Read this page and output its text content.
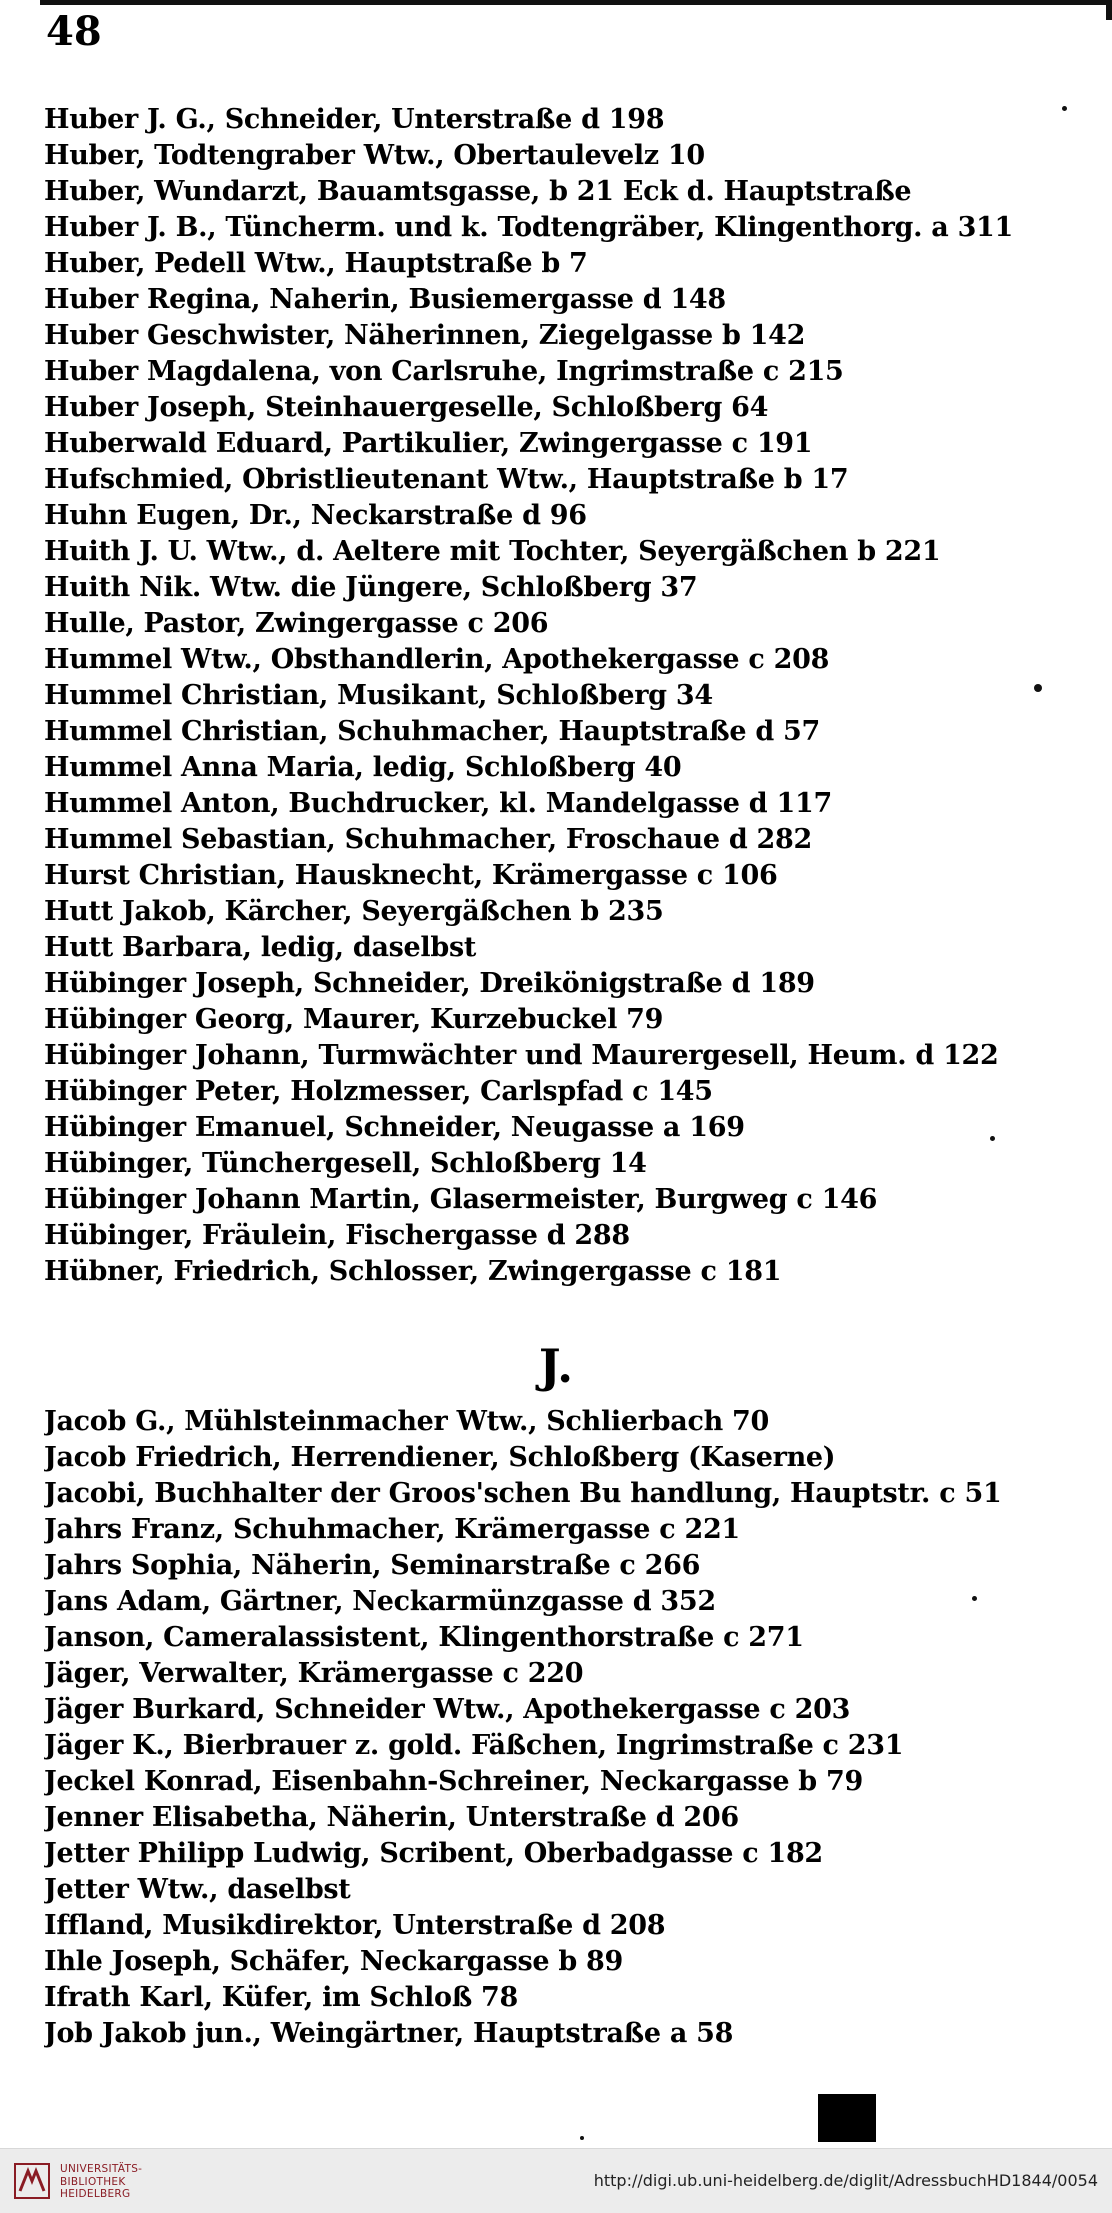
48
Huber J. G., Schneider, Unterstraße d 198
Huber, Todtengraber Wtw., Obertaulevelz 10
Huber, Wundarzt, Bauamtsgasse, b 21 Eck d. Hauptstraße
Huber J. B., Tüncherm. und k. Todtengräber, Klingenthorg. a 311
Huber, Pedell Wtw., Hauptstraße b 7
Huber Regina, Naherin, Busiemergasse d 148
Huber Geschwister, Näherinnen, Ziegelgasse b 142
Huber Magdalena, von Carlsruhe, Ingrimstraße c 215
Huber Joseph, Steinhauergeselle, Schloßberg 64
Huberwald Eduard, Partikulier, Zwingergasse c 191
Hufschmied, Obristlieutenant Wtw., Hauptstraße b 17
Huhn Eugen, Dr., Neckarstraße d 96
Huith J. U. Wtw., d. Aeltere mit Tochter, Seyergäßchen b 221
Huith Nik. Wtw. die Jüngere, Schloßberg 37
Hulle, Pastor, Zwingergasse c 206
Hummel Wtw., Obsthandlerin, Apothekergasse c 208
Hummel Christian, Musikant, Schloßberg 34
Hummel Christian, Schuhmacher, Hauptstraße d 57
Hummel Anna Maria, ledig, Schloßberg 40
Hummel Anton, Buchdrucker, kl. Mandelgasse d 117
Hummel Sebastian, Schuhmacher, Froschaue d 282
Hurst Christian, Hausknecht, Krämergasse c 106
Hutt Jakob, Kärcher, Seyergäßchen b 235
Hutt Barbara, ledig, daselbst
Hübinger Joseph, Schneider, Dreikönigstraße d 189
Hübinger Georg, Maurer, Kurzebuckel 79
Hübinger Johann, Turmwächter und Maurergesell, Heum. d 122
Hübinger Peter, Holzmesser, Carlspfad c 145
Hübinger Emanuel, Schneider, Neugasse a 169
Hübinger, Tünchergesell, Schloßberg 14
Hübinger Johann Martin, Glasermeister, Burgweg c 146
Hübinger, Fräulein, Fischergasse d 288
Hübner, Friedrich, Schlosser, Zwingergasse c 181
J.
Jacob G., Mühlsteinmacher Wtw., Schlierbach 70
Jacob Friedrich, Herrendiener, Schloßberg (Kaserne)
Jacobi, Buchhalter der Groos'schen Bu handlung, Hauptstr. c 51
Jahrs Franz, Schuhmacher, Krämergasse c 221
Jahrs Sophia, Näherin, Seminarstraße c 266
Jans Adam, Gärtner, Neckarmünzgasse d 352
Janson, Cameralassistent, Klingenthorstraße c 271
Jäger, Verwalter, Krämergasse c 220
Jäger Burkard, Schneider Wtw., Apothekergasse c 203
Jäger K., Bierbrauer z. gold. Fäßchen, Ingrimstraße c 231
Jeckel Konrad, Eisenbahn-Schreiner, Neckargasse b 79
Jenner Elisabetha, Näherin, Unterstraße d 206
Jetter Philipp Ludwig, Scribent, Oberbadgasse c 182
Jetter Wtw., daselbst
Iffland, Musikdirektor, Unterstraße d 208
Ihle Joseph, Schäfer, Neckargasse b 89
Ifrath Karl, Küfer, im Schloß 78
Job Jakob jun., Weingärtner, Hauptstraße a 58
UNIVERSITÄTS-
BIBLIOTHEK
HEIDELBERG
http://digi.ub.uni-heidelberg.de/diglit/AdressbuchHD1844/0054
